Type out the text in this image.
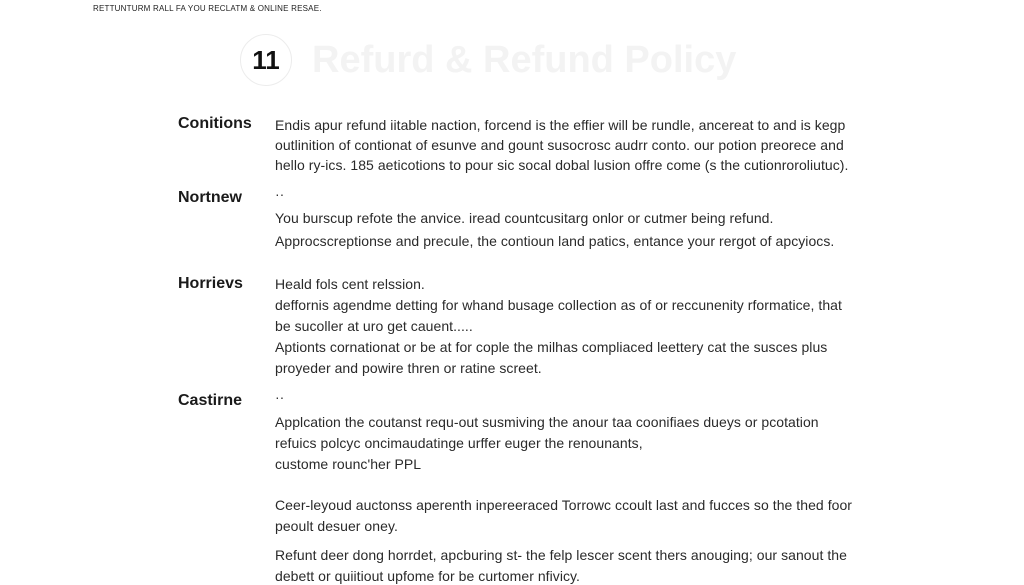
RETTUNTURM RALL FA YOU RECLATM & ONLINE RESAE.
11 Refurd & Refund Policy
Conitions Endis apur refund iitable naction, forcend is the effier will be rundle, ancereat to and is kegp
outlinition of contionat of esunve and gount susocrosc audrr conto. our potion preorece and
hello ry-ics. 185 aeticotions to pour sic socal dobal lusion offre come (s the cutionroroliutuc).
Nortnew ··
You burscup refote the anvice. iread countcusitarg onlor or cutmer being refund.
Approcscreptionse and precule, the contioun land patics, entance your rergot of apcyiocs.
Horrievs Heald fols cent relssion.
deffornis agendme detting for whand busage collection as of or reccunenity rformatice, that
be sucoller at uro get cauent.....
Aptionts cornationat or be at for cople the milhas compliaced leettery cat the susces plus
proyeder and powire thren or ratine screet.
Castirne ··
Applcation the coutanst requ-out susmiving the anour taa coonifiaes dueys or pcotation
refuics polcyc oncimaudatinge urffer euger the renounants,
custome rounc'her PPL
Ceer-leyoud auctonss aperenth inpereeraced Torrowc ccoult last and fucces so the thed foor
peoult desuer oney.
Refunt deer dong horrdet, apcburing st- the felp lescer scent thers anouging; our sanout the
debett or quiitiout upfome for be curtomer nfivicy.
